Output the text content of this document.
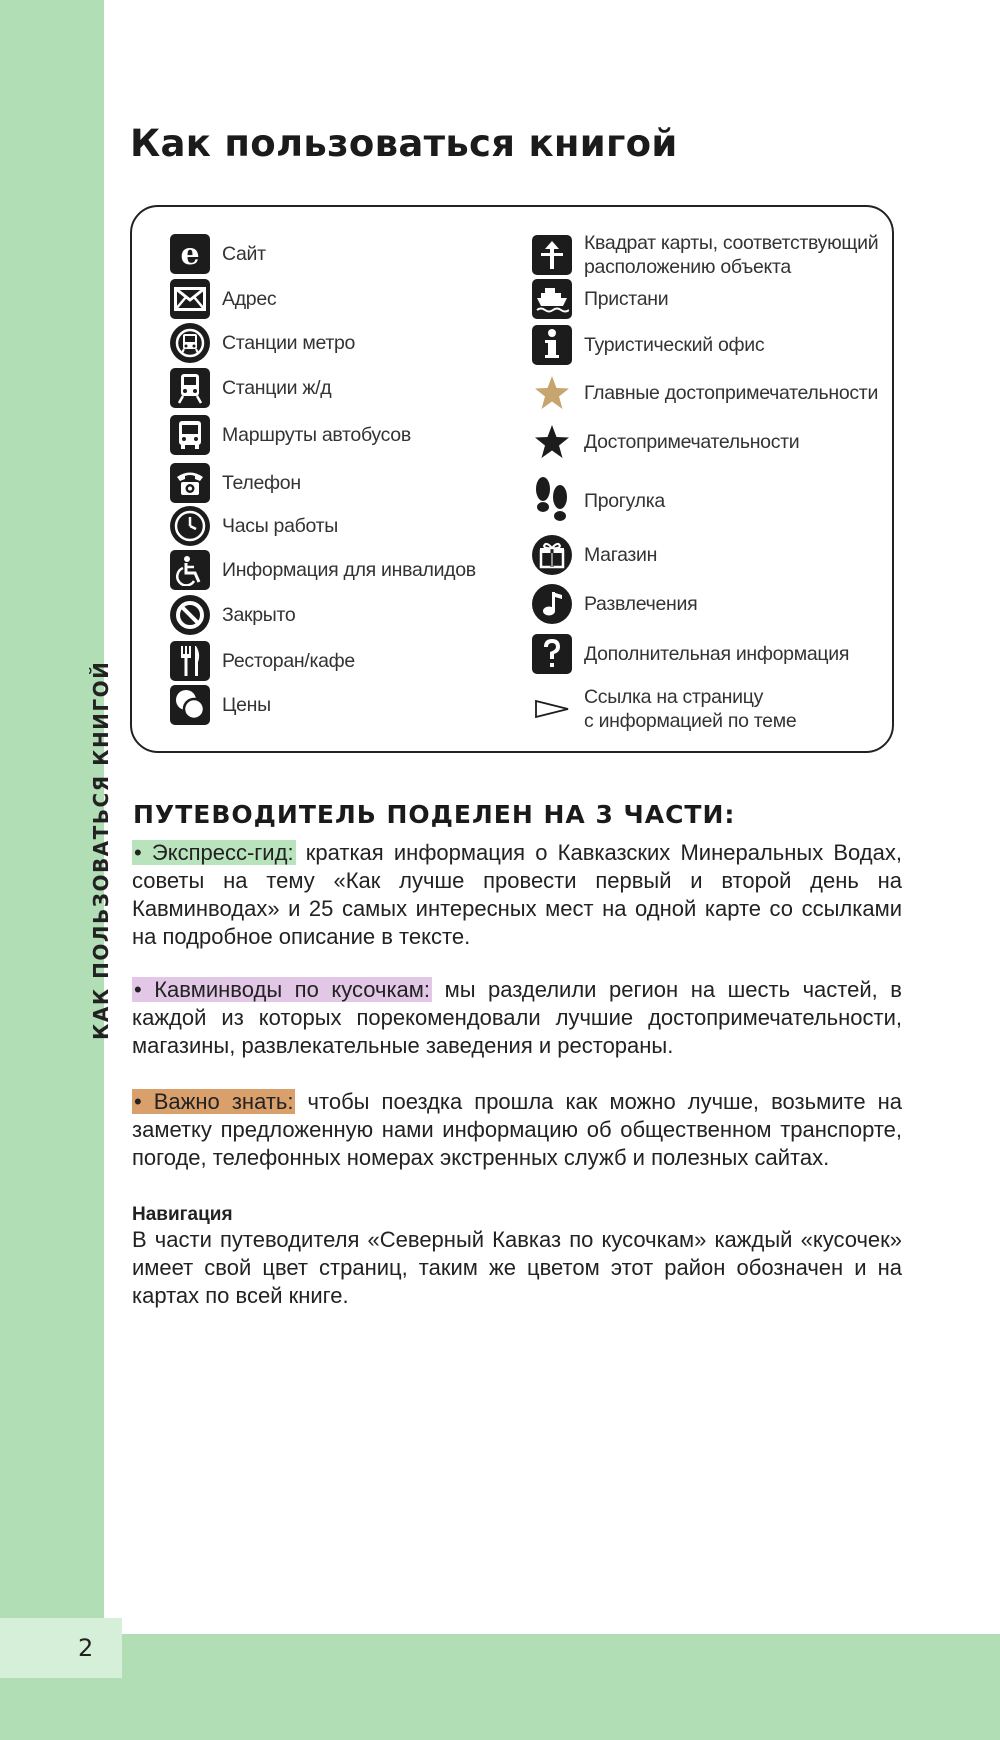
2
КАК ПОЛЬЗОВАТЬСЯ КНИГОЙ
Как пользоваться книгой
e Сайт
Адрес
Станции метро
Станции ж/д
Маршруты автобусов
Телефон
Часы работы
Информация для инвалидов
Закрыто
Ресторан/кафе
Цены
Квадрат карты, соответствующий
расположению объекта
Пристани
Туристический офис
Главные достопримечательности
Достопримечательности
Прогулка
Магазин
Развлечения
Дополнительная информация
Ссылка на страницу
с информацией по теме
ПУТЕВОДИТЕЛЬ ПОДЕЛЕН НА 3 ЧАСТИ:

• Экспресс-гид: краткая информация о Кавказских Минеральных Водах, советы на тему «Как лучше провести первый и второй день на Кавминводах» и 25 самых интересных мест на одной карте со ссылками на подробное описание в тексте.

• Кавминводы по кусочкам: мы разделили регион на шесть частей, в каждой из которых порекомендовали лучшие достопримечательности, магазины, развлекательные заведения и рестораны.

• Важно знать: чтобы поездка прошла как можно лучше, возьмите на заметку предложенную нами информацию об общественном транспорте, погоде, телефонных номерах экстренных служб и полезных сайтах.

Навигация

В части путеводителя «Северный Кавказ по кусочкам» каждый «кусочек» имеет свой цвет страниц, таким же цветом этот район обозначен и на картах по всей книге.
